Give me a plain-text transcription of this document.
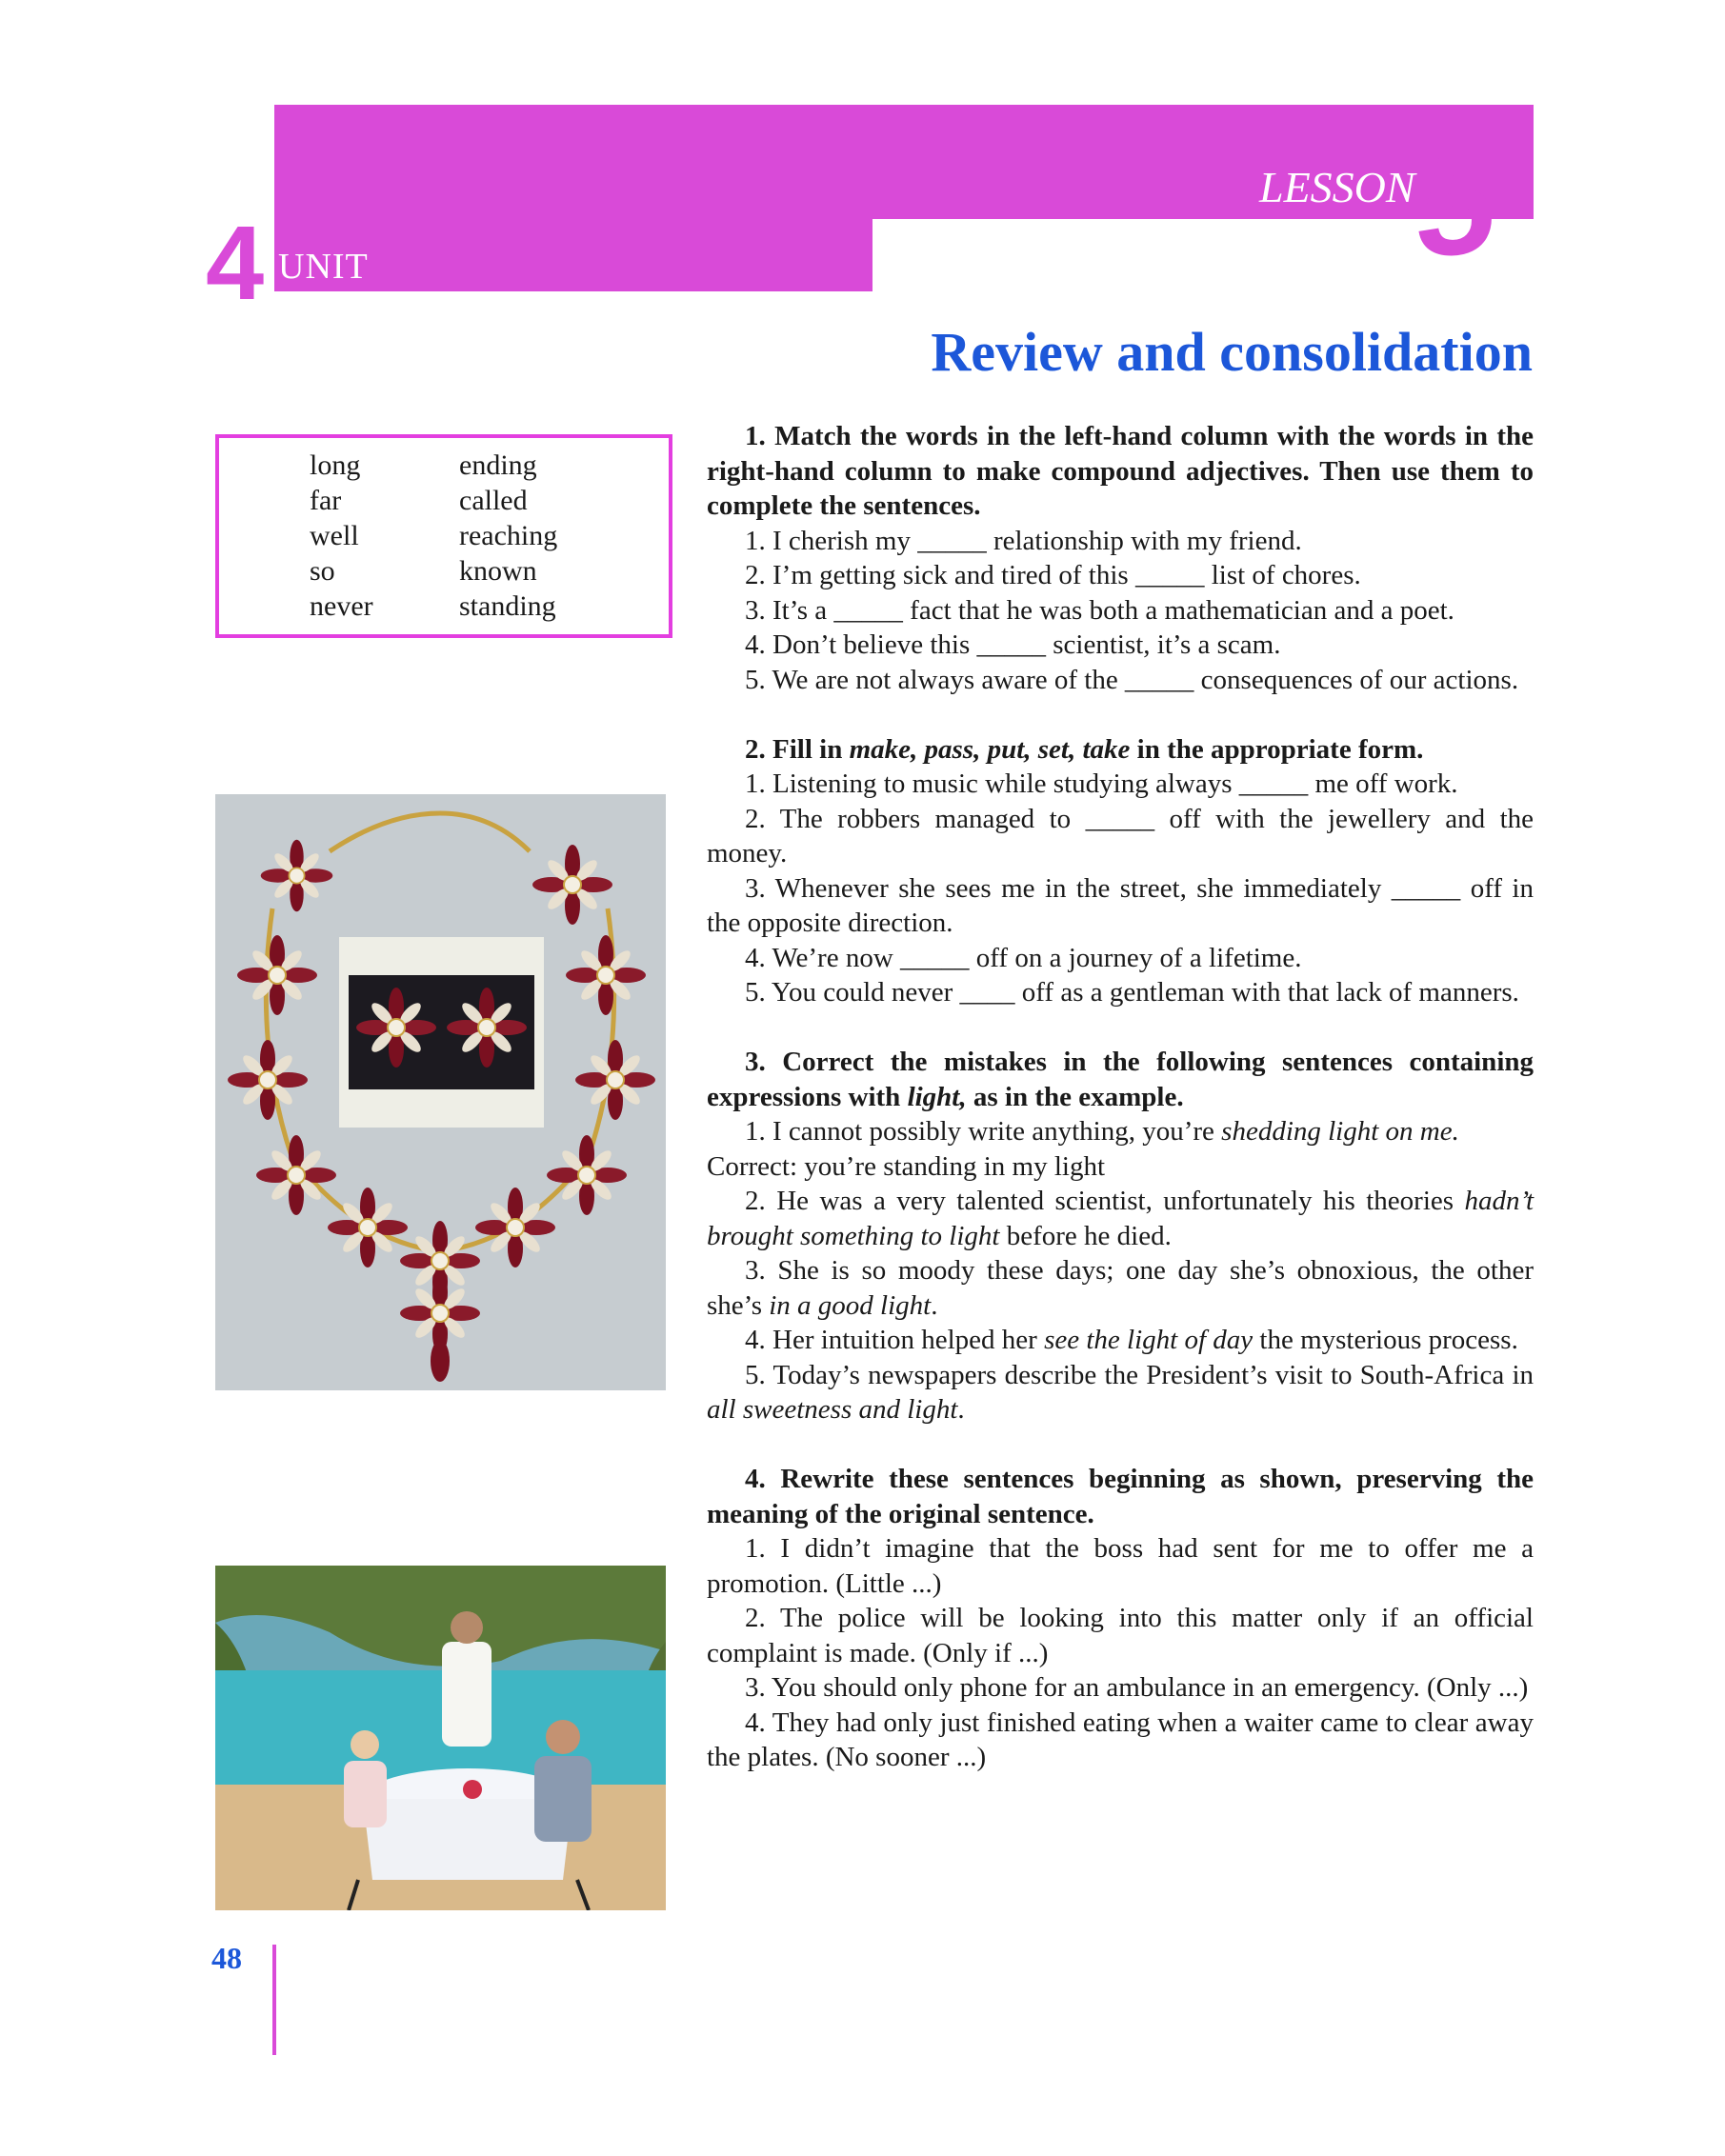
4 UNIT
LESSON 5
Review and consolidation
long
far
well
so
never
ending
called
reaching
known
standing

1. Match the words in the left-hand column with the words in the right-hand column to make compound adjectives. Then use them to complete the sentences.

1. I cherish my _____ relationship with my friend.

2. I’m getting sick and tired of this _____ list of chores.

3. It’s a _____ fact that he was both a mathematician and a poet.

4. Don’t believe this _____ scientist, it’s a scam.

5. We are not always aware of the _____ consequences of our actions.

2. Fill in make, pass, put, set, take in the appropriate form.

1. Listening to music while studying always _____ me off work.

2. The robbers managed to _____ off with the jewellery and the money.

3. Whenever she sees me in the street, she immediately _____ off in the opposite direction.

4. We’re now _____ off on a journey of a lifetime.

5. You could never ____ off as a gentleman with that lack of manners.

3. Correct the mistakes in the following sentences containing expressions with light, as in the example.

1. I cannot possibly write anything, you’re shedding light on me.

Correct: you’re standing in my light

2. He was a very talented scientist, unfortunately his theories hadn’t brought something to light before he died.

3. She is so moody these days; one day she’s obnoxious, the other she’s in a good light.

4. Her intuition helped her see the light of day the mysterious process.

5. Today’s newspapers describe the President’s visit to South-Africa in all sweetness and light.

4. Rewrite these sentences beginning as shown, preserving the meaning of the original sentence.

1. I didn’t imagine that the boss had sent for me to offer me a promotion. (Little ...)

2. The police will be looking into this matter only if an official complaint is made. (Only if ...)

3. You should only phone for an ambulance in an emergency. (Only ...)

4. They had only just finished eating when a waiter came to clear away the plates. (No sooner ...)

48
